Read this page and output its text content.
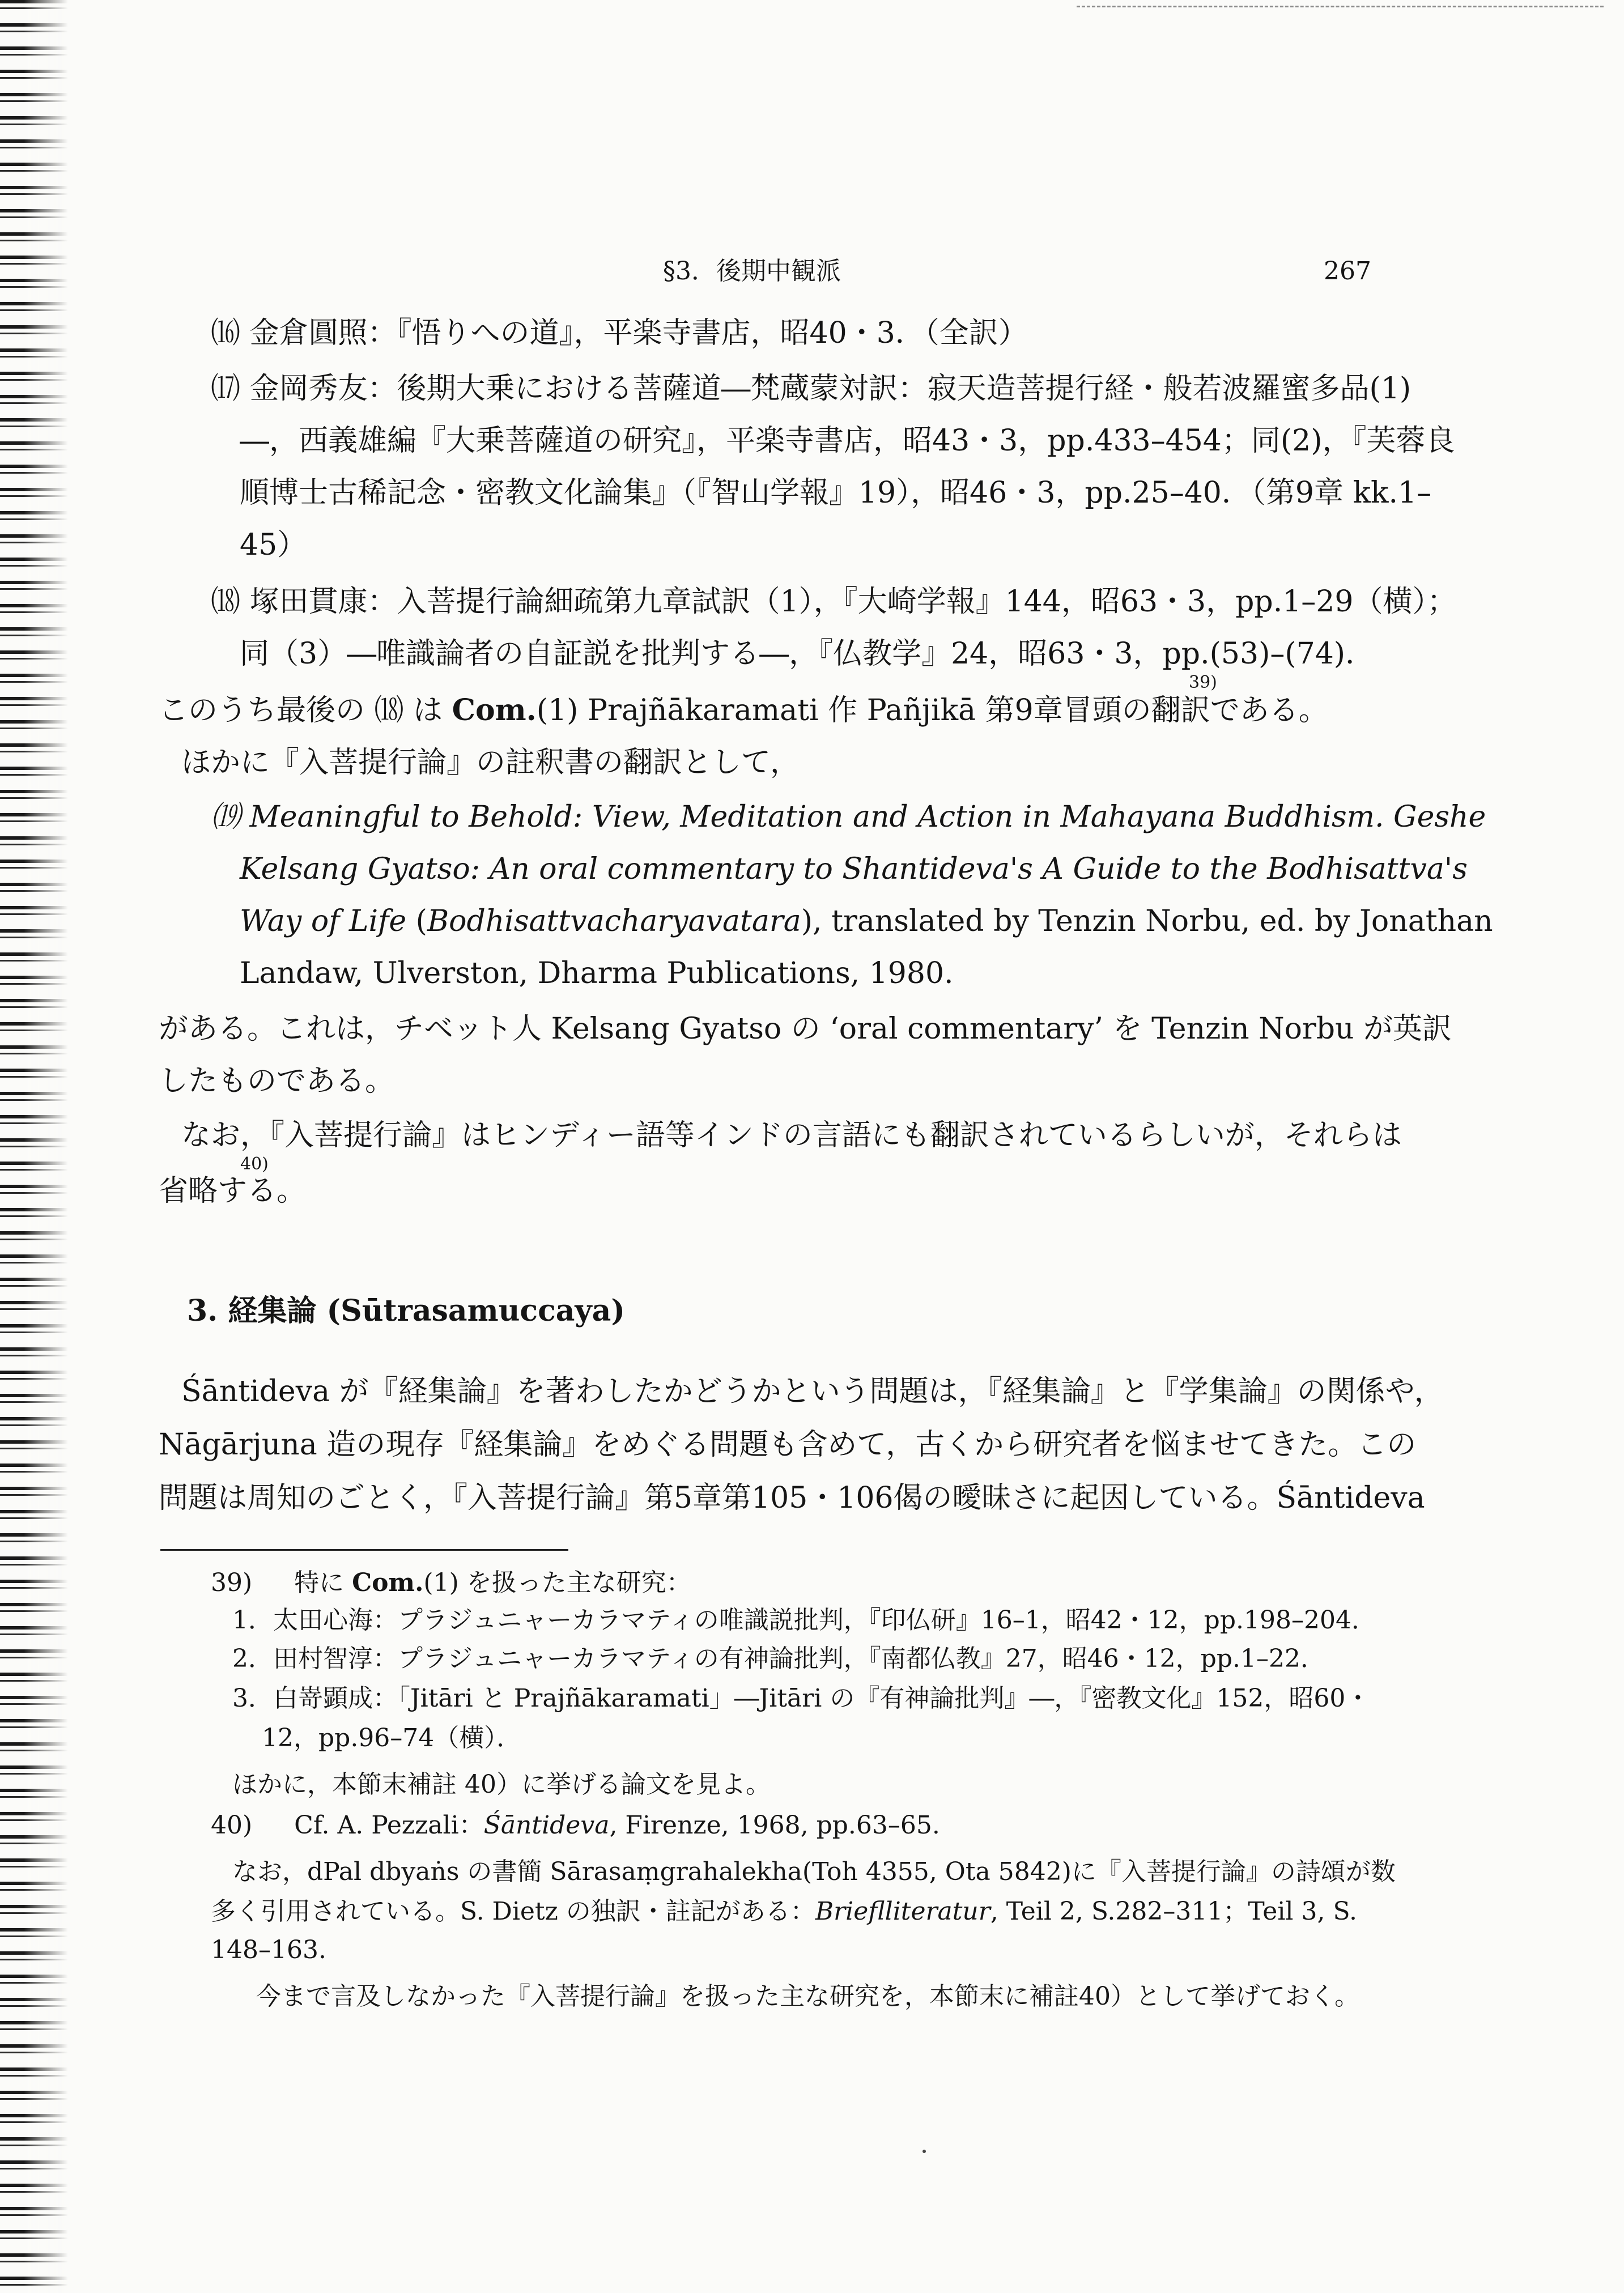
§3．後期中観派	267
⒃ 金倉圓照：『悟りへの道』，平楽寺書店，昭40・3．（全訳）
⒄ 金岡秀友：後期大乗における菩薩道―梵蔵蒙対訳：寂天造菩提行経・般若波羅蜜多品(1)
―，西義雄編『大乗菩薩道の研究』，平楽寺書店，昭43・3，pp.433–454；同(2)，『芙蓉良
順博士古稀記念・密教文化論集』（『智山学報』19），昭46・3，pp.25–40．（第9章 kk.1–
45）
⒅ 塚田貫康：入菩提行論細疏第九章試訳（1），『大崎学報』144，昭63・3，pp.1–29（横）；
同（3）―唯識論者の自証説を批判する―，『仏教学』24，昭63・3，pp.(53)–(74)．
39)
このうち最後の ⒅ は Com.(1) Prajñākaramati 作 Pañjikā 第9章冒頭の翻訳である。
ほかに『入菩提行論』の註釈書の翻訳として，
⒆ Meaningful to Behold: View, Meditation and Action in Mahayana Buddhism. Geshe
Kelsang Gyatso: An oral commentary to Shantideva's A Guide to the Bodhisattva's
Way of Life (Bodhisattvacharyavatara), translated by Tenzin Norbu, ed. by Jonathan
Landaw, Ulverston, Dharma Publications, 1980.
がある。これは，チベット人 Kelsang Gyatso の ‘oral commentary’ を Tenzin Norbu が英訳
したものである。
なお，『入菩提行論』はヒンディー語等インドの言語にも翻訳されているらしいが，それらは
40)
省略する。
3. 経集論 (Sūtrasamuccaya)
Śāntideva が『経集論』を著わしたかどうかという問題は，『経集論』と『学集論』の関係や，
Nāgārjuna 造の現存『経集論』をめぐる問題も含めて，古くから研究者を悩ませてきた。この
問題は周知のごとく，『入菩提行論』第5章第105・106偈の曖昧さに起因している。Śāntideva
39) 特に Com.(1) を扱った主な研究：
1．太田心海：プラジュニャーカラマティの唯識説批判，『印仏研』16–1，昭42・12，pp.198–204．
2．田村智淳：プラジュニャーカラマティの有神論批判，『南都仏教』27，昭46・12，pp.1–22．
3．白嵜顕成：「Jitāri と Prajñākaramati」―Jitāri の『有神論批判』―，『密教文化』152，昭60・
12，pp.96–74（横）．
ほかに，本節末補註 40）に挙げる論文を見よ。
40) Cf. A. Pezzali：Śāntideva, Firenze, 1968, pp.63–65.
なお，dPal dbyaṅs の書簡 Sārasaṃgrahalekha(Toh 4355, Ota 5842)に『入菩提行論』の詩頌が数
多く引用されている。S. Dietz の独訳・註記がある：Brieflliteratur, Teil 2, S.282–311；Teil 3, S.
148–163.
今まで言及しなかった『入菩提行論』を扱った主な研究を，本節末に補註40）として挙げておく。
